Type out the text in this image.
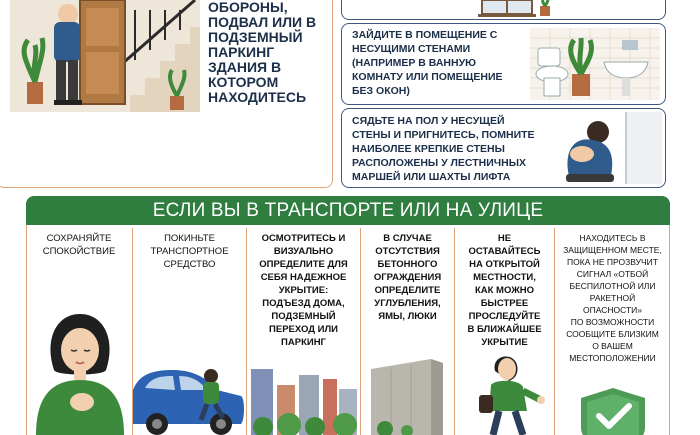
ОБОРОНЫ,
ПОДВАЛ ИЛИ В
ПОДЗЕМНЫЙ
ПАРКИНГ
ЗДАНИЯ В
КОТОРОМ
НАХОДИТЕСЬ
ЗАЙДИТЕ В ПОМЕЩЕНИЕ С
НЕСУЩИМИ СТЕНАМИ
(НАПРИМЕР В ВАННУЮ
КОМНАТУ ИЛИ ПОМЕЩЕНИЕ
БЕЗ ОКОН)
СЯДЬТЕ НА ПОЛ У НЕСУЩЕЙ
СТЕНЫ И ПРИГНИТЕСЬ, ПОМНИТЕ
НАИБОЛЕЕ КРЕПКИЕ СТЕНЫ
РАСПОЛОЖЕНЫ У ЛЕСТНИЧНЫХ
МАРШЕЙ ИЛИ ШАХТЫ ЛИФТА
ЕСЛИ ВЫ В ТРАНСПОРТЕ ИЛИ НА УЛИЦЕ
СОХРАНЯЙТЕ
СПОКОЙСТВИЕ
ПОКИНЬТЕ
ТРАНСПОРТНОЕ
СРЕДСТВО
ОСМОТРИТЕСЬ И
ВИЗУАЛЬНО
ОПРЕДЕЛИТЕ ДЛЯ
СЕБЯ НАДЕЖНОЕ
УКРЫТИЕ:
ПОДЪЕЗД ДОМА,
ПОДЗЕМНЫЙ
ПЕРЕХОД ИЛИ
ПАРКИНГ
В СЛУЧАЕ
ОТСУТСТВИЯ
БЕТОННОГО
ОГРАЖДЕНИЯ
ОПРЕДЕЛИТЕ
УГЛУБЛЕНИЯ,
ЯМЫ, ЛЮКИ
НЕ
ОСТАВАЙТЕСЬ
НА ОТКРЫТОЙ
МЕСТНОСТИ,
КАК МОЖНО
БЫСТРЕЕ
ПРОСЛЕДУЙТЕ
В БЛИЖАЙШЕЕ
УКРЫТИЕ
НАХОДИТЕСЬ В
ЗАЩИЩЕННОМ МЕСТЕ,
ПОКА НЕ ПРОЗВУЧИТ
СИГНАЛ «ОТБОЙ
БЕСПИЛОТНОЙ ИЛИ
РАКЕТНОЙ
ОПАСНОСТИ»
ПО ВОЗМОЖНОСТИ
СООБЩИТЕ БЛИЗКИМ
О ВАШЕМ
МЕСТОПОЛОЖЕНИИ
